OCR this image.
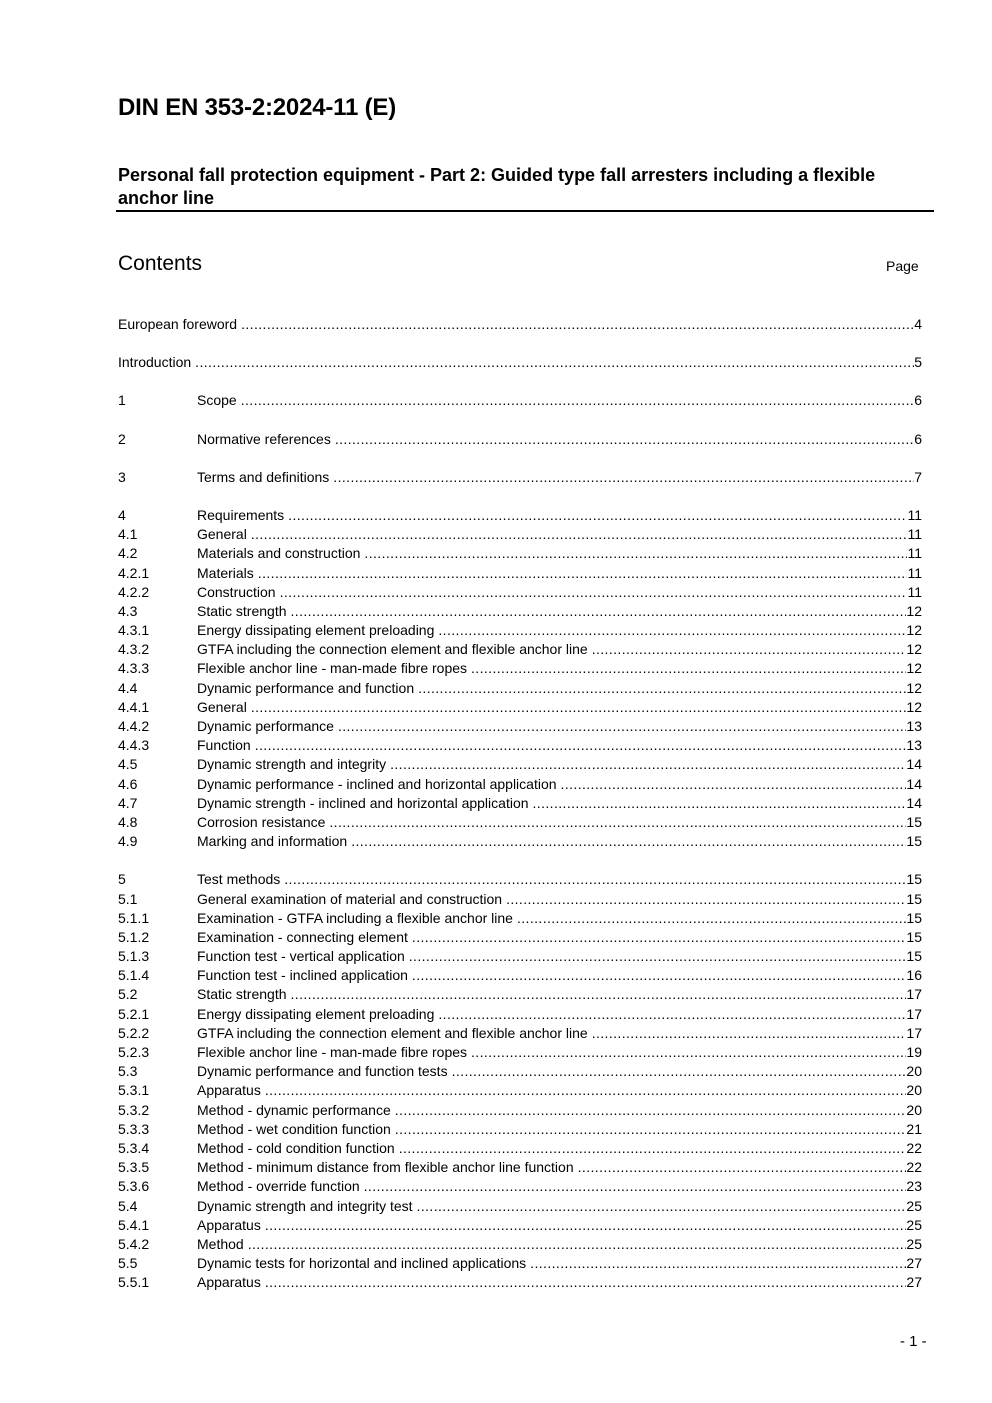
DIN EN 353-2:2024-11 (E)
Personal fall protection equipment - Part 2: Guided type fall arresters including a flexible anchor line
Contents	Page
European foreword .....	4
Introduction .....	5
1	Scope .....	6
2	Normative references .....	6
3	Terms and definitions .....	7
4	Requirements .....	11
4.1	General .....	11
4.2	Materials and construction .....	11
4.2.1	Materials .....	11
4.2.2	Construction .....	11
4.3	Static strength .....	12
4.3.1	Energy dissipating element preloading .....	12
4.3.2	GTFA including the connection element and flexible anchor line .....	12
4.3.3	Flexible anchor line - man-made fibre ropes .....	12
4.4	Dynamic performance and function .....	12
4.4.1	General .....	12
4.4.2	Dynamic performance .....	13
4.4.3	Function .....	13
4.5	Dynamic strength and integrity .....	14
4.6	Dynamic performance - inclined and horizontal application .....	14
4.7	Dynamic strength - inclined and horizontal application .....	14
4.8	Corrosion resistance .....	15
4.9	Marking and information .....	15
5	Test methods .....	15
5.1	General examination of material and construction .....	15
5.1.1	Examination - GTFA including a flexible anchor line .....	15
5.1.2	Examination - connecting element .....	15
5.1.3	Function test - vertical application .....	15
5.1.4	Function test - inclined application .....	16
5.2	Static strength .....	17
5.2.1	Energy dissipating element preloading .....	17
5.2.2	GTFA including the connection element and flexible anchor line .....	17
5.2.3	Flexible anchor line - man-made fibre ropes .....	19
5.3	Dynamic performance and function tests .....	20
5.3.1	Apparatus .....	20
5.3.2	Method - dynamic performance .....	20
5.3.3	Method - wet condition function .....	21
5.3.4	Method - cold condition function .....	22
5.3.5	Method - minimum distance from flexible anchor line function .....	22
5.3.6	Method - override function .....	23
5.4	Dynamic strength and integrity test .....	25
5.4.1	Apparatus .....	25
5.4.2	Method .....	25
5.5	Dynamic tests for horizontal and inclined applications .....	27
5.5.1	Apparatus .....	27
- 1 -
